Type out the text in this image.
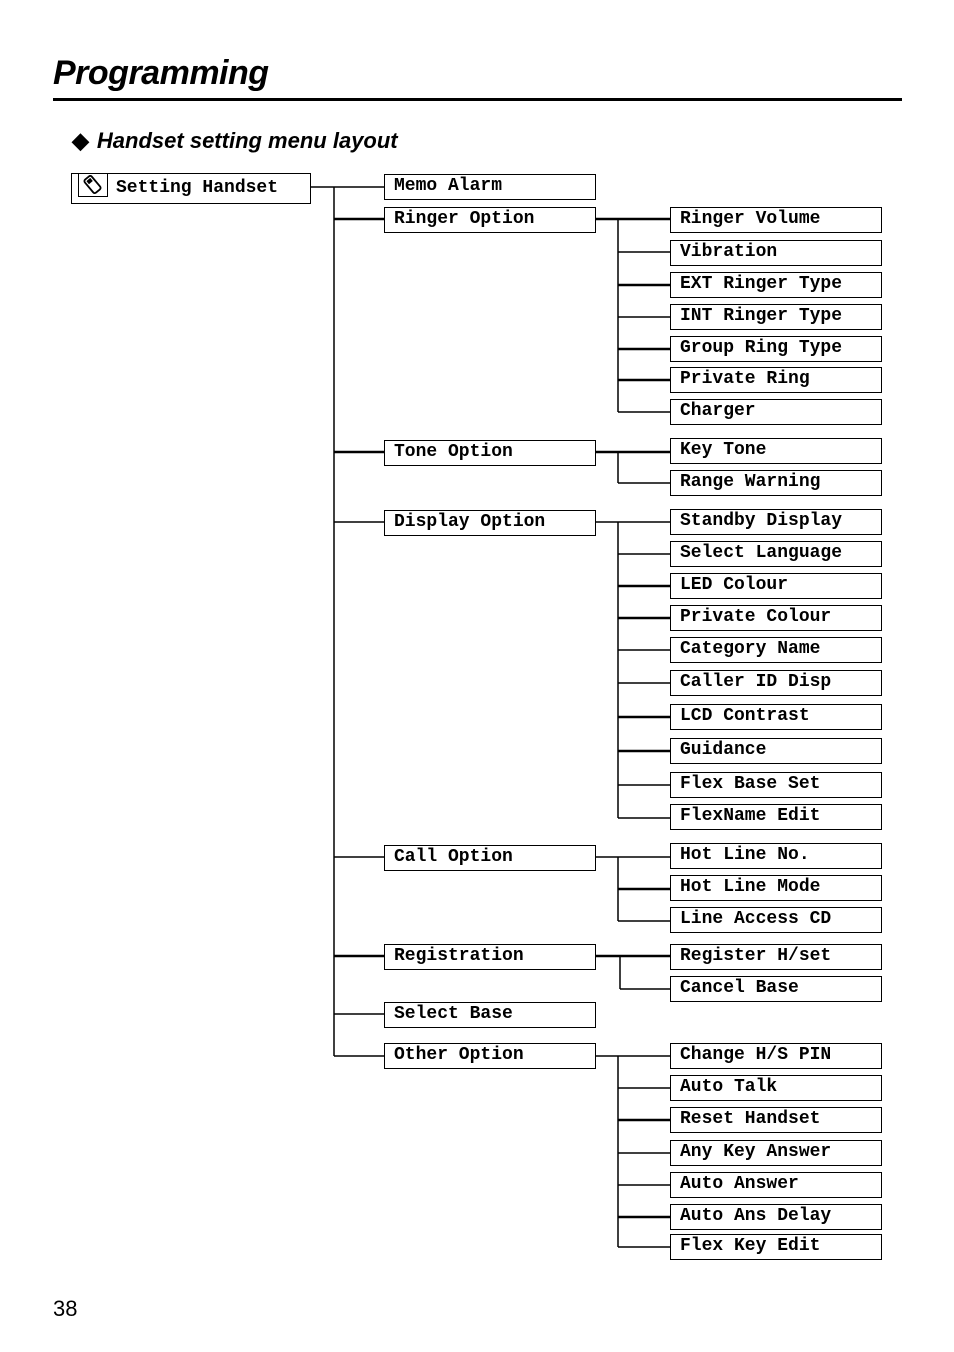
Programming
◆ Handset setting menu layout
Setting Handset	Memo Alarm
Ringer Option
Tone Option
Display Option
Call Option
Registration
Select Base
Other Option
Ringer Volume
Vibration
EXT Ringer Type
INT Ringer Type
Group Ring Type
Private Ring
Charger
Key Tone
Range Warning
Standby Display
Select Language
LED Colour
Private Colour
Category Name
Caller ID Disp
LCD Contrast
Guidance
Flex Base Set
FlexName Edit
Hot Line No.
Hot Line Mode
Line Access CD
Register H/set
Cancel Base
Change H/S PIN
Auto Talk
Reset Handset
Any Key Answer
Auto Answer
Auto Ans Delay
Flex Key Edit
38
